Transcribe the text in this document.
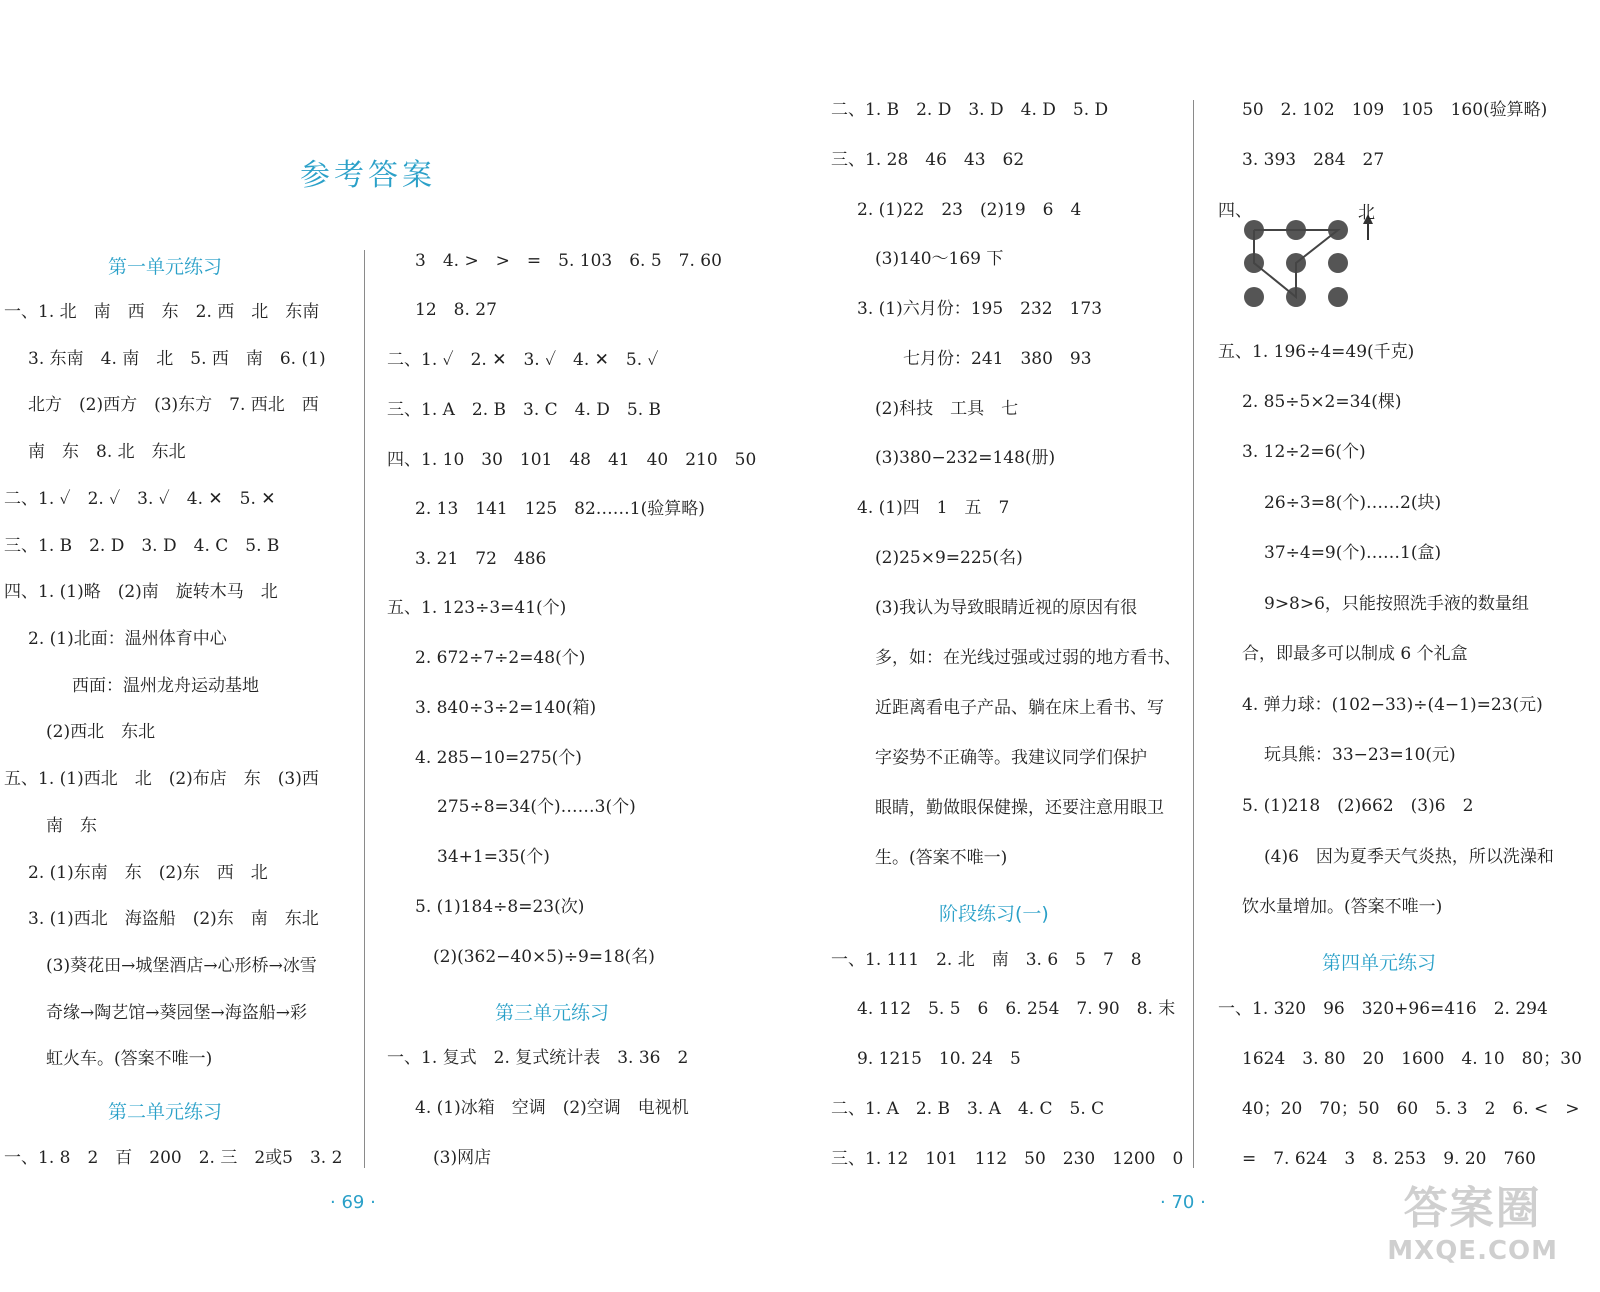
参考答案
第一单元练习
一、1. 北　南　西　东　2. 西　北　东南
3. 东南　4. 南　北　5. 西　南　6. (1)
北方　(2)西方　(3)东方　7. 西北　西
南　东　8. 北　东北
二、1. ✓　2. ✓　3. ✓　4. ✕　5. ✕
三、1. B　2. D　3. D　4. C　5. B
四、1. (1)略　(2)南　旋转木马　北
2. (1)北面：温州体育中心
西面：温州龙舟运动基地
(2)西北　东北
五、1. (1)西北　北　(2)布店　东　(3)西
南　东
2. (1)东南　东　(2)东　西　北
3. (1)西北　海盗船　(2)东　南　东北
(3)葵花田→城堡酒店→心形桥→冰雪
奇缘→陶艺馆→葵园堡→海盗船→彩
虹火车。(答案不唯一)
第二单元练习
一、1. 8　2　百　200　2. 三　2或5　3. 2
3　4. >　>　=　5. 103　6. 5　7. 60
12　8. 27
二、1. ✓　2. ✕　3. ✓　4. ✕　5. ✓
三、1. A　2. B　3. C　4. D　5. B
四、1. 10　30　101　48　41　40　210　50
2. 13　141　125　82……1(验算略)
3. 21　72　486
五、1. 123÷3=41(个)
2. 672÷7÷2=48(个)
3. 840÷3÷2=140(箱)
4. 285−10=275(个)
275÷8=34(个)……3(个)
34+1=35(个)
5. (1)184÷8=23(次)
(2)(362−40×5)÷9=18(名)
第三单元练习
一、1. 复式　2. 复式统计表　3. 36　2
4. (1)冰箱　空调　(2)空调　电视机
(3)网店
二、1. B　2. D　3. D　4. D　5. D
三、1. 28　46　43　62
2. (1)22　23　(2)19　6　4
(3)140～169 下
3. (1)六月份：195　232　173
七月份：241　380　93
(2)科技　工具　七
(3)380−232=148(册)
4. (1)四　1　五　7
(2)25×9=225(名)
(3)我认为导致眼睛近视的原因有很
多，如：在光线过强或过弱的地方看书、
近距离看电子产品、躺在床上看书、写
字姿势不正确等。我建议同学们保护
眼睛，勤做眼保健操，还要注意用眼卫
生。(答案不唯一)
阶段练习(一)
一、1. 111　2. 北　南　3. 6　5　7　8
4. 112　5. 5　6　6. 254　7. 90　8. 末
9. 1215　10. 24　5
二、1. A　2. B　3. A　4. C　5. C
三、1. 12　101　112　50　230　1200　0
50　2. 102　109　105　160(验算略)
3. 393　284　27
四、	北
五、1. 196÷4=49(千克)
2. 85÷5×2=34(棵)
3. 12÷2=6(个)
26÷3=8(个)……2(块)
37÷4=9(个)……1(盒)
9>8>6，只能按照洗手液的数量组
合，即最多可以制成 6 个礼盒
4. 弹力球：(102−33)÷(4−1)=23(元)
玩具熊：33−23=10(元)
5. (1)218　(2)662　(3)6　2
(4)6　因为夏季天气炎热，所以洗澡和
饮水量增加。(答案不唯一)
第四单元练习
一、1. 320　96　320+96=416　2. 294
1624　3. 80　20　1600　4. 10　80；30
40；20　70；50　60　5. 3　2　6. <　>
=　7. 624　3　8. 253　9. 20　760
· 69 ·	· 70 ·	答案圈
MXQE.COM
